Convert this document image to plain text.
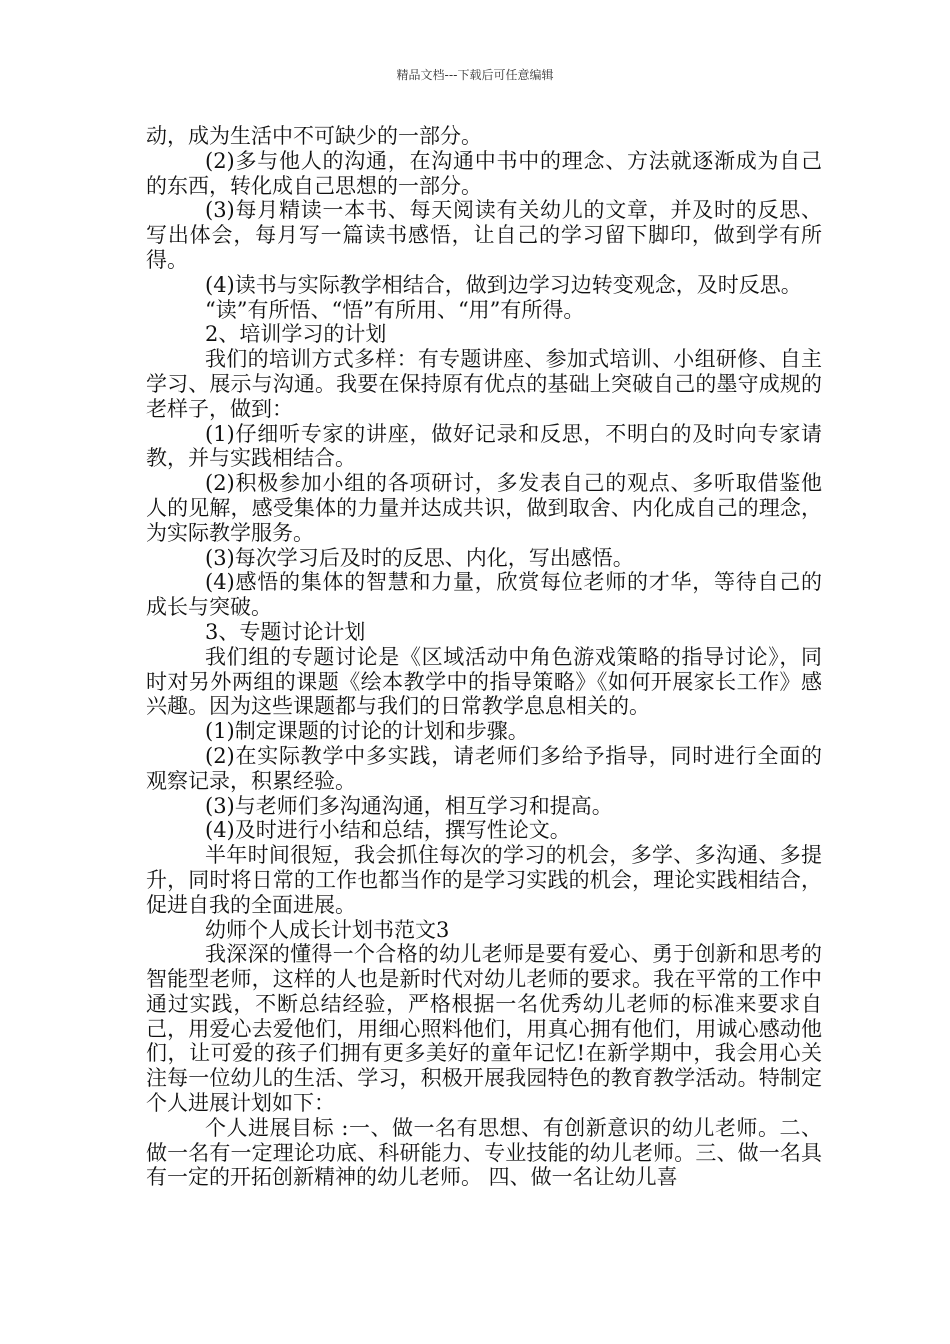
精品文档---下载后可任意编辑

动，成为生活中不可缺少的一部分。

(2)多与他人的沟通，在沟通中书中的理念、方法就逐渐成为自己的东西，转化成自己思想的一部分。

(3)每月精读一本书、每天阅读有关幼儿的文章，并及时的反思、写出体会，每月写一篇读书感悟，让自己的学习留下脚印，做到学有所得。

(4)读书与实际教学相结合，做到边学习边转变观念，及时反思。

“读”有所悟、“悟”有所用、“用”有所得。

2、培训学习的计划

我们的培训方式多样：有专题讲座、参加式培训、小组研修、自主学习、展示与沟通。我要在保持原有优点的基础上突破自己的墨守成规的老样子，做到：

(1)仔细听专家的讲座，做好记录和反思，不明白的及时向专家请教，并与实践相结合。

(2)积极参加小组的各项研讨，多发表自己的观点、多听取借鉴他人的见解，感受集体的力量并达成共识，做到取舍、内化成自己的理念，为实际教学服务。

(3)每次学习后及时的反思、内化，写出感悟。

(4)感悟的集体的智慧和力量，欣赏每位老师的才华，等待自己的成长与突破。

3、专题讨论计划

我们组的专题讨论是《区域活动中角色游戏策略的指导讨论》，同时对另外两组的课题《绘本教学中的指导策略》《如何开展家长工作》感兴趣。因为这些课题都与我们的日常教学息息相关的。

(1)制定课题的讨论的计划和步骤。

(2)在实际教学中多实践，请老师们多给予指导，同时进行全面的观察记录，积累经验。

(3)与老师们多沟通沟通，相互学习和提高。

(4)及时进行小结和总结，撰写性论文。

半年时间很短，我会抓住每次的学习的机会，多学、多沟通、多提升，同时将日常的工作也都当作的是学习实践的机会，理论实践相结合，促进自我的全面进展。

幼师个人成长计划书范文3

我深深的懂得一个合格的幼儿老师是要有爱心、勇于创新和思考的智能型老师，这样的人也是新时代对幼儿老师的要求。我在平常的工作中通过实践，不断总结经验，严格根据一名优秀幼儿老师的标准来要求自己，用爱心去爱他们，用细心照料他们，用真心拥有他们，用诚心感动他们，让可爱的孩子们拥有更多美好的童年记忆!在新学期中，我会用心关注每一位幼儿的生活、学习，积极开展我园特色的教育教学活动。特制定个人进展计划如下：

个人进展目标 :一、做一名有思想、有创新意识的幼儿老师。二、做一名有一定理论功底、科研能力、专业技能的幼儿老师。三、做一名具有一定的开拓创新精神的幼儿老师。 四、做一名让幼儿喜
